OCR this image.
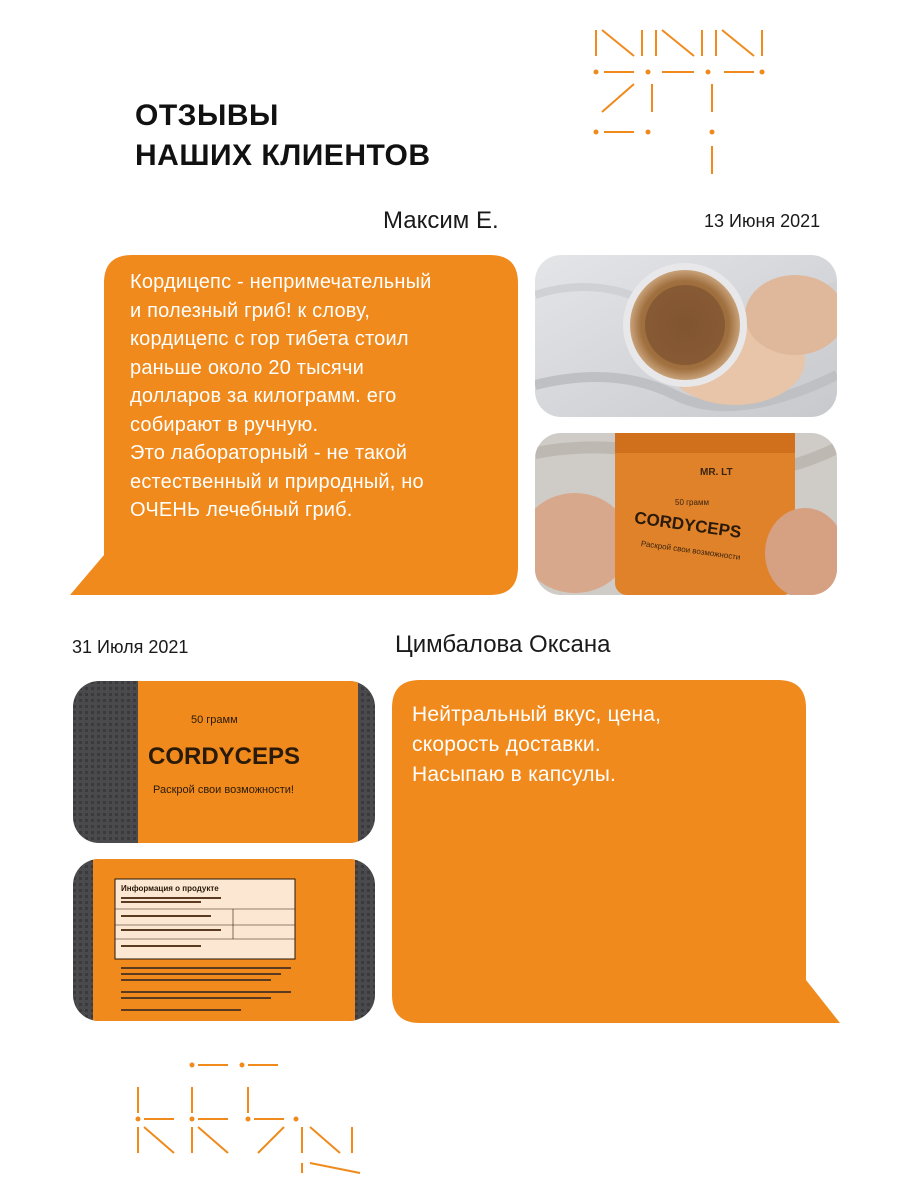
ОТЗЫВЫ
НАШИХ КЛИЕНТОВ
Максим Е.	13 Июня 2021
Кордицепс - непримечательный
и полезный гриб! к слову,
кордицепс с гор тибета стоил
раньше около 20 тысячи
долларов за килограмм. его
собирают в ручную.
Это лабораторный - не такой
естественный и природный, но
ОЧЕНЬ лечебный гриб.
MR. LT
50 грамм
CORDYCEPS
Раскрой свои возможности
31 Июля 2021	Цимбалова Оксана
50 грамм
CORDYCEPS
Раскрой свои возможности!
Информация о продукте
Нейтральный вкус, цена,
скорость доставки.
Насыпаю в капсулы.
